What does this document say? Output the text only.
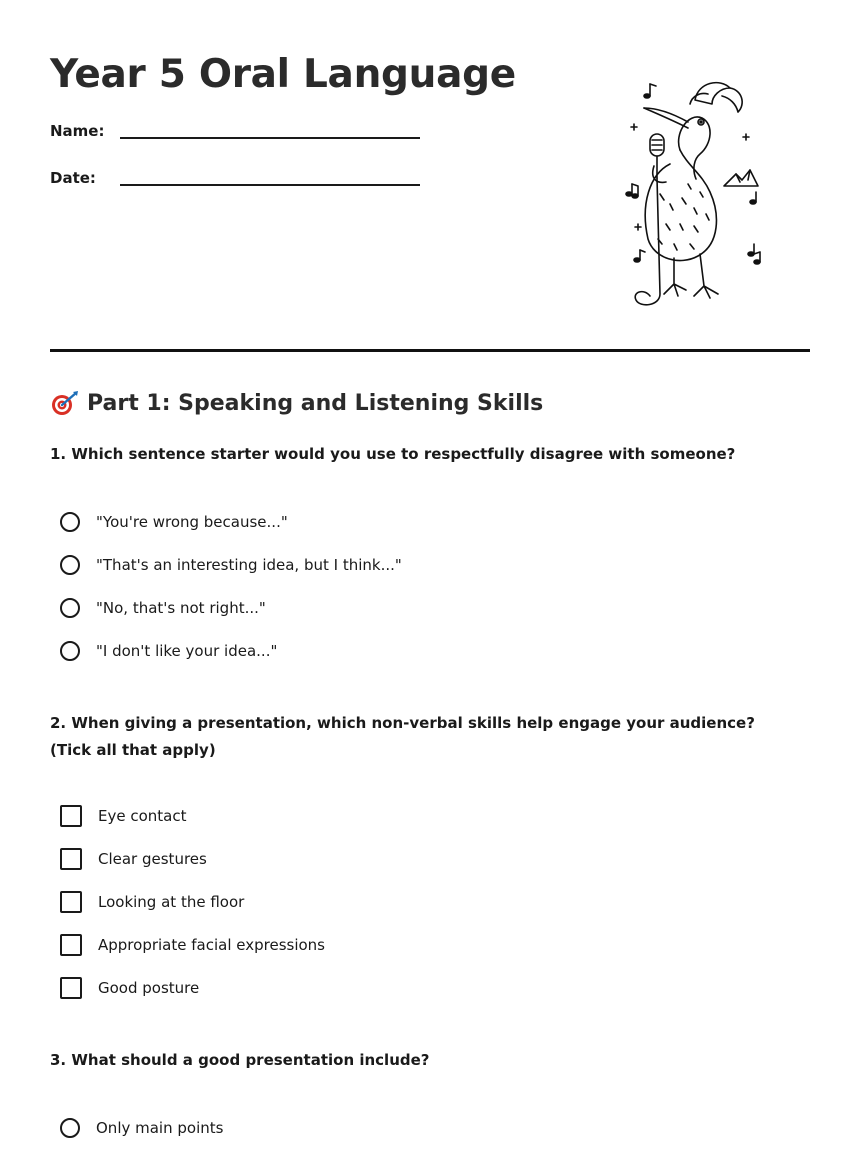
Year 5 Oral Language
Name:
Date:
Part 1: Speaking and Listening Skills

1. Which sentence starter would you use to respectfully disagree with someone?

"You're wrong because..."
"That's an interesting idea, but I think..."
"No, that's not right..."
"I don't like your idea..."

2. When giving a presentation, which non-verbal skills help engage your audience? (Tick all that apply)

Eye contact
Clear gestures
Looking at the floor
Appropriate facial expressions
Good posture

3. What should a good presentation include?

Only main points
